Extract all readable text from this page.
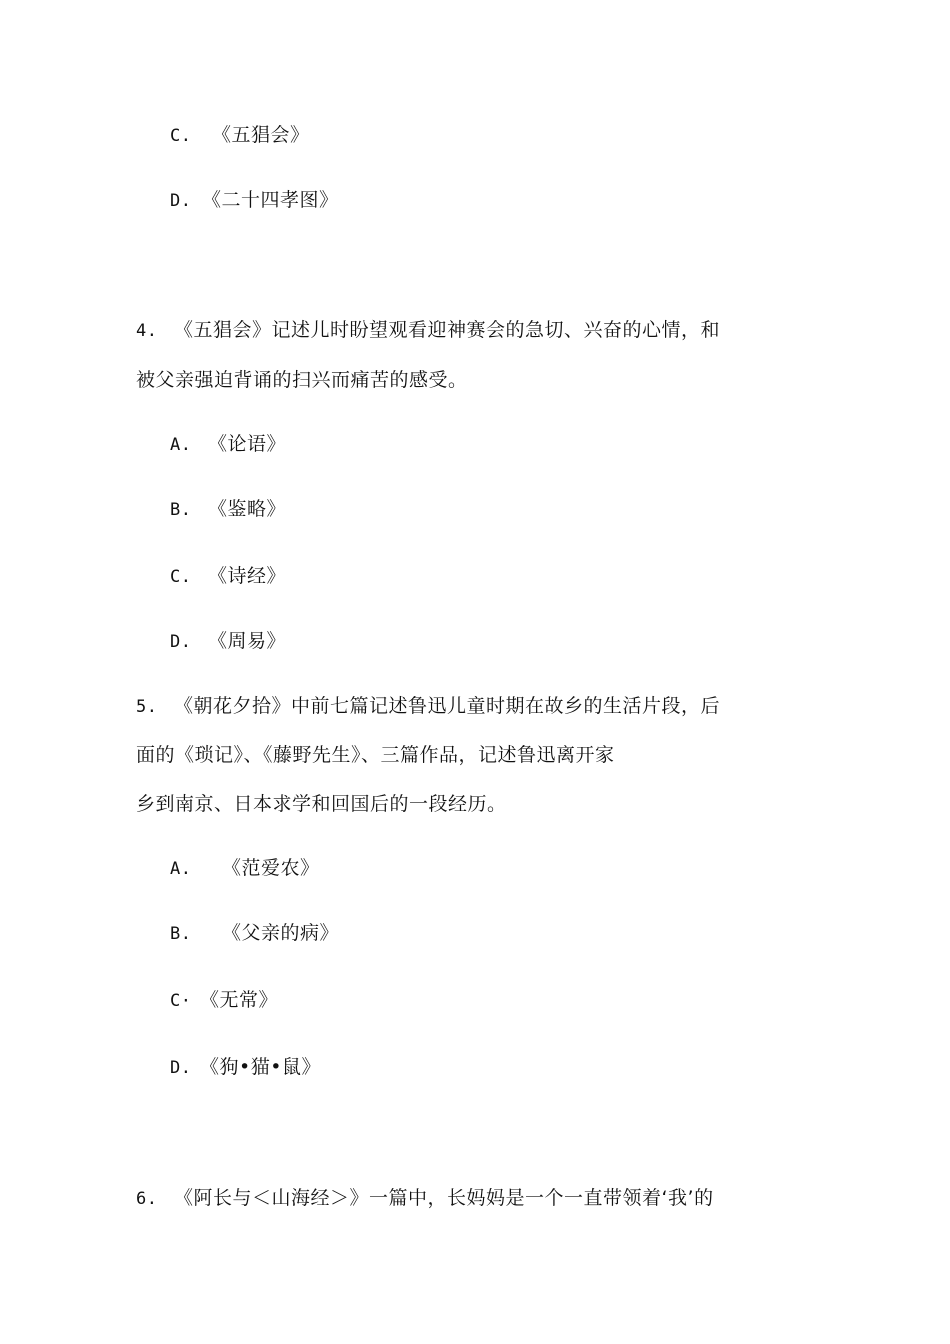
C. 《五猖会》
D. 《二十四孝图》
4. 《五猖会》记述儿时盼望观看迎神赛会的急切、兴奋的心情，和
被父亲强迫背诵的扫兴而痛苦的感受。
A. 《论语》
B. 《鉴略》
C. 《诗经》
D. 《周易》
5. 《朝花夕拾》中前七篇记述鲁迅儿童时期在故乡的生活片段，后
面的《琐记》、《藤野先生》、三篇作品，记述鲁迅离开家
乡到南京、日本求学和回国后的一段经历。
A. 《范爱农》
B. 《父亲的病》
C· 《无常》
D. 《狗•猫•鼠》
6. 《阿长与＜山海经＞》一篇中，长妈妈是一个一直带领着‘我’的
